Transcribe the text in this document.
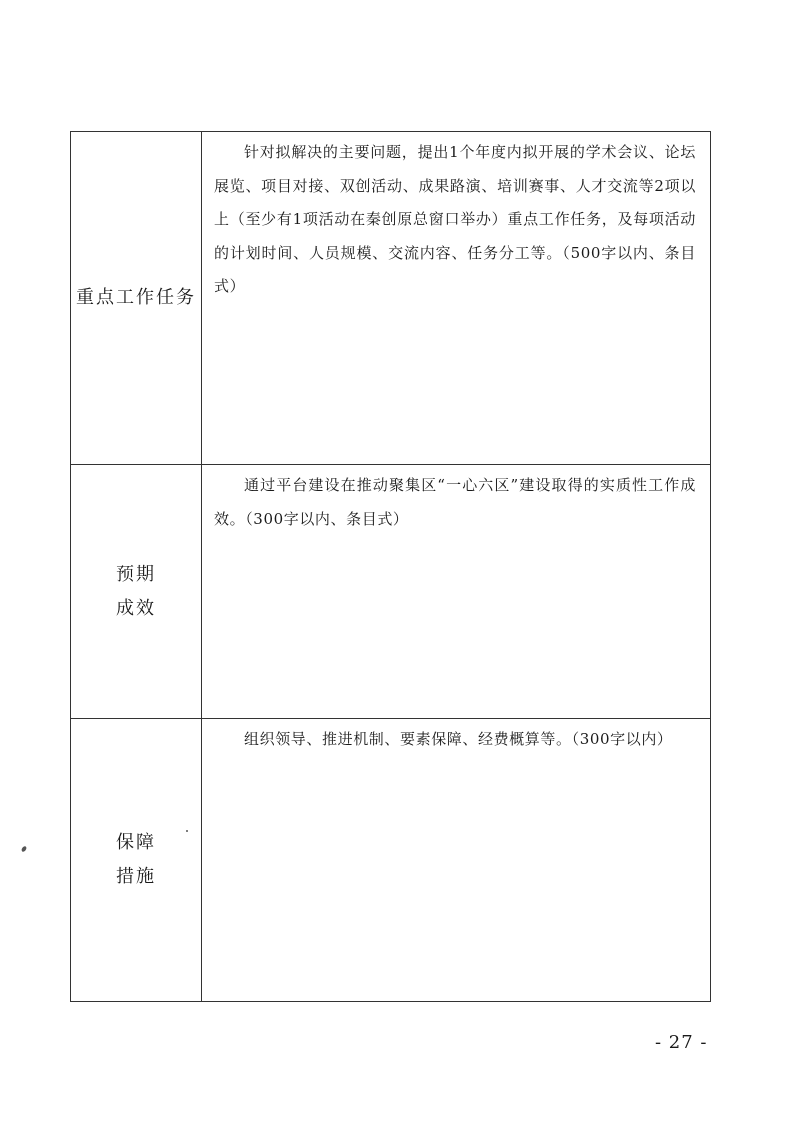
重点工作任务

针对拟解决的主要问题，提出1个年度内拟开展的学术会议、论坛展览、项目对接、双创活动、成果路演、培训赛事、人才交流等2项以上（至少有1项活动在秦创原总窗口举办）重点工作任务，及每项活动的计划时间、人员规模、交流内容、任务分工等。（500字以内、条目式）

预期
成效

通过平台建设在推动聚集区“一心六区”建设取得的实质性工作成效。（300字以内、条目式）

保障
措施

组织领导、推进机制、要素保障、经费概算等。（300字以内）

- 27 -
